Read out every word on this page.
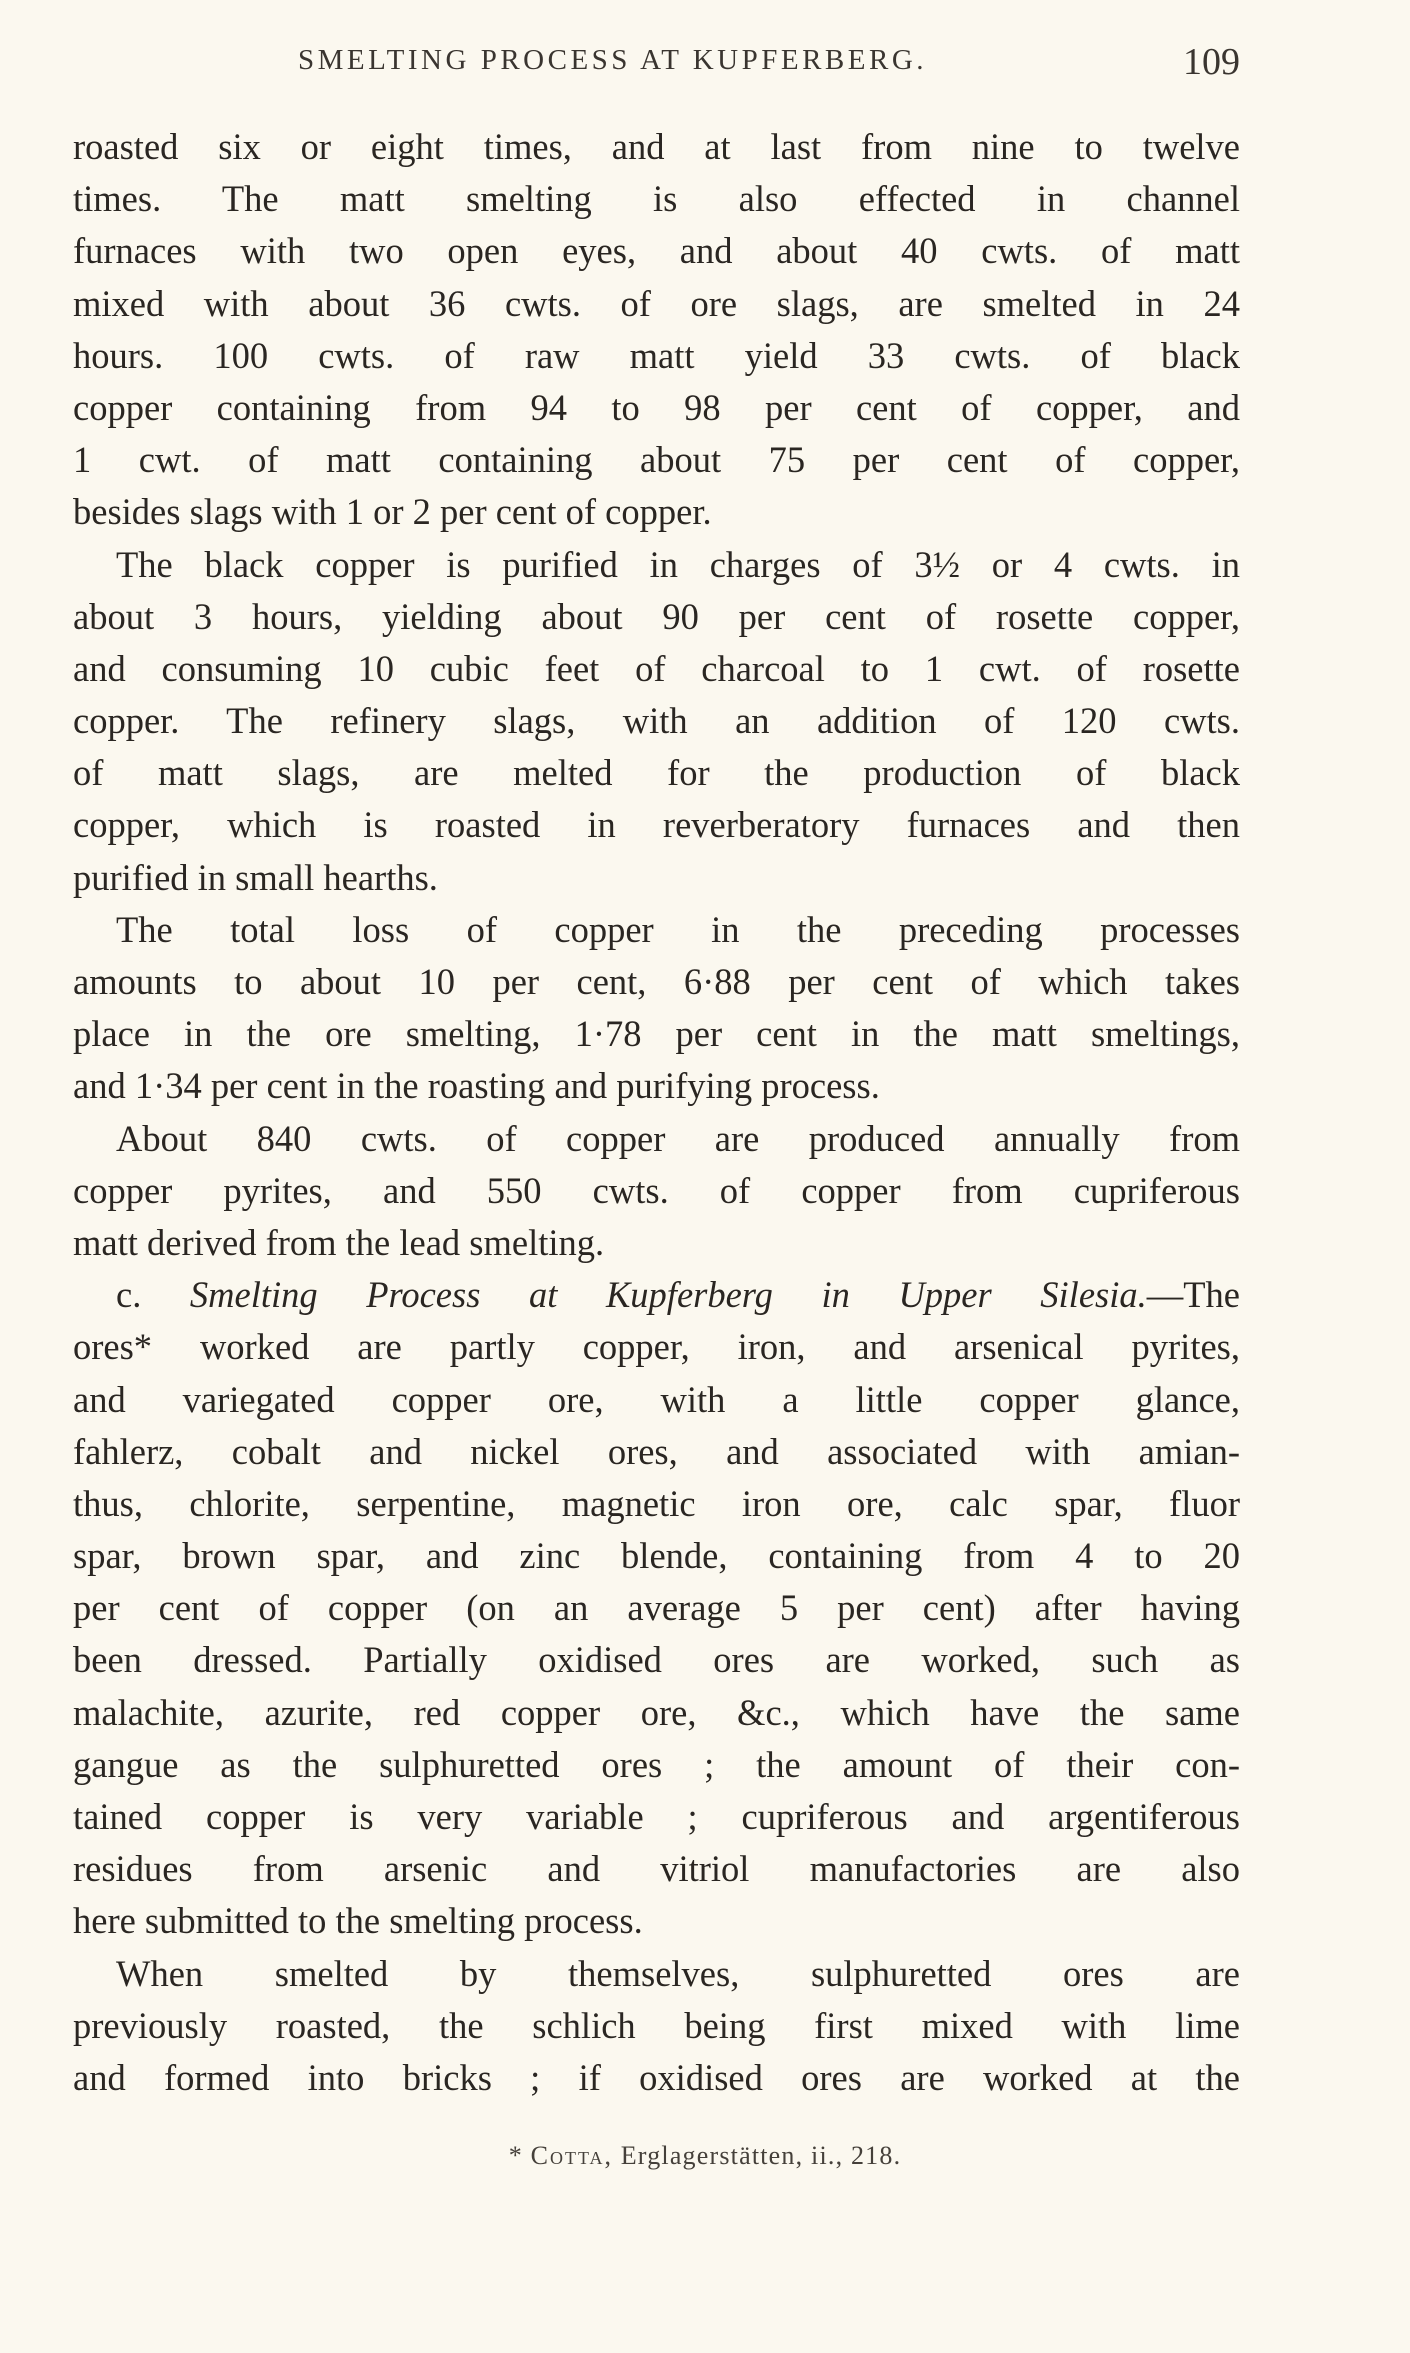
SMELTING PROCESS AT KUPFERBERG.	109
roasted six or eight times, and at last from nine to twelve
times. The matt smelting is also effected in channel
furnaces with two open eyes, and about 40 cwts. of matt
mixed with about 36 cwts. of ore slags, are smelted in 24
hours. 100 cwts. of raw matt yield 33 cwts. of black
copper containing from 94 to 98 per cent of copper, and
1 cwt. of matt containing about 75 per cent of copper,
besides slags with 1 or 2 per cent of copper.
The black copper is purified in charges of 3½ or 4 cwts. in
about 3 hours, yielding about 90 per cent of rosette copper,
and consuming 10 cubic feet of charcoal to 1 cwt. of rosette
copper. The refinery slags, with an addition of 120 cwts.
of matt slags, are melted for the production of black
copper, which is roasted in reverberatory furnaces and then
purified in small hearths.
The total loss of copper in the preceding processes
amounts to about 10 per cent, 6·88 per cent of which takes
place in the ore smelting, 1·78 per cent in the matt smeltings,
and 1·34 per cent in the roasting and purifying process.
About 840 cwts. of copper are produced annually from
copper pyrites, and 550 cwts. of copper from cupriferous
matt derived from the lead smelting.
c. Smelting Process at Kupferberg in Upper Silesia.—The
ores* worked are partly copper, iron, and arsenical pyrites,
and variegated copper ore, with a little copper glance,
fahlerz, cobalt and nickel ores, and associated with amian-
thus, chlorite, serpentine, magnetic iron ore, calc spar, fluor
spar, brown spar, and zinc blende, containing from 4 to 20
per cent of copper (on an average 5 per cent) after having
been dressed. Partially oxidised ores are worked, such as
malachite, azurite, red copper ore, &c., which have the same
gangue as the sulphuretted ores ; the amount of their con-
tained copper is very variable ; cupriferous and argentiferous
residues from arsenic and vitriol manufactories are also
here submitted to the smelting process.
When smelted by themselves, sulphuretted ores are
previously roasted, the schlich being first mixed with lime
and formed into bricks ; if oxidised ores are worked at the
* Cotta, Erglagerstätten, ii., 218.
